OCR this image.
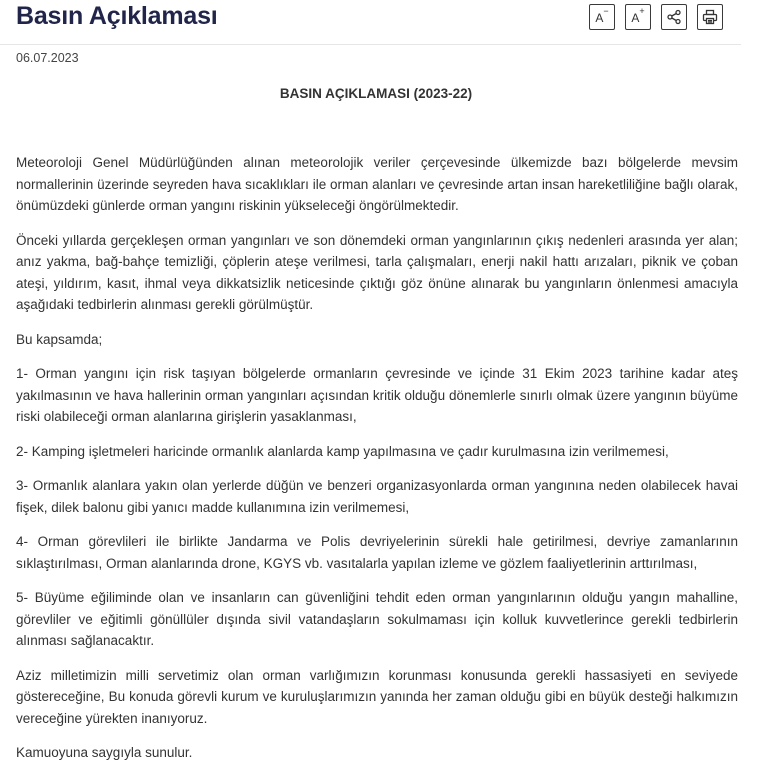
Basın Açıklaması	A− A+
06.07.2023
BASIN AÇIKLAMASI (2023-22)

Meteoroloji Genel Müdürlüğünden alınan meteorolojik veriler çerçevesinde ülkemizde bazı bölgelerde mevsim normallerinin üzerinde seyreden hava sıcaklıkları ile orman alanları ve çevresinde artan insan hareketliliğine bağlı olarak, önümüzdeki günlerde orman yangını riskinin yükseleceği öngörülmektedir.

Önceki yıllarda gerçekleşen orman yangınları ve son dönemdeki orman yangınlarının çıkış nedenleri arasında yer alan; anız yakma, bağ-bahçe temizliği, çöplerin ateşe verilmesi, tarla çalışmaları, enerji nakil hattı arızaları, piknik ve çoban ateşi, yıldırım, kasıt, ihmal veya dikkatsizlik neticesinde çıktığı göz önüne alınarak bu yangınların önlenmesi amacıyla aşağıdaki tedbirlerin alınması gerekli görülmüştür.

Bu kapsamda;

1- Orman yangını için risk taşıyan bölgelerde ormanların çevresinde ve içinde 31 Ekim 2023 tarihine kadar ateş yakılmasının ve hava hallerinin orman yangınları açısından kritik olduğu dönemlerle sınırlı olmak üzere yangının büyüme riski olabileceği orman alanlarına girişlerin yasaklanması,

2- Kamping işletmeleri haricinde ormanlık alanlarda kamp yapılmasına ve çadır kurulmasına izin verilmemesi,

3- Ormanlık alanlara yakın olan yerlerde düğün ve benzeri organizasyonlarda orman yangınına neden olabilecek havai fişek, dilek balonu gibi yanıcı madde kullanımına izin verilmemesi,

4- Orman görevlileri ile birlikte Jandarma ve Polis devriyelerinin sürekli hale getirilmesi, devriye zamanlarının sıklaştırılması, Orman alanlarında drone, KGYS vb. vasıtalarla yapılan izleme ve gözlem faaliyetlerinin arttırılması,

5- Büyüme eğiliminde olan ve insanların can güvenliğini tehdit eden orman yangınlarının olduğu yangın mahalline, görevliler ve eğitimli gönüllüler dışında sivil vatandaşların sokulmaması için kolluk kuvvetlerince gerekli tedbirlerin alınması sağlanacaktır.

Aziz milletimizin milli servetimiz olan orman varlığımızın korunması konusunda gerekli hassasiyeti en seviyede göstereceğine, Bu konuda görevli kurum ve kuruluşlarımızın yanında her zaman olduğu gibi en büyük desteği halkımızın vereceğine yürekten inanıyoruz.

Kamuoyuna saygıyla sunulur.
